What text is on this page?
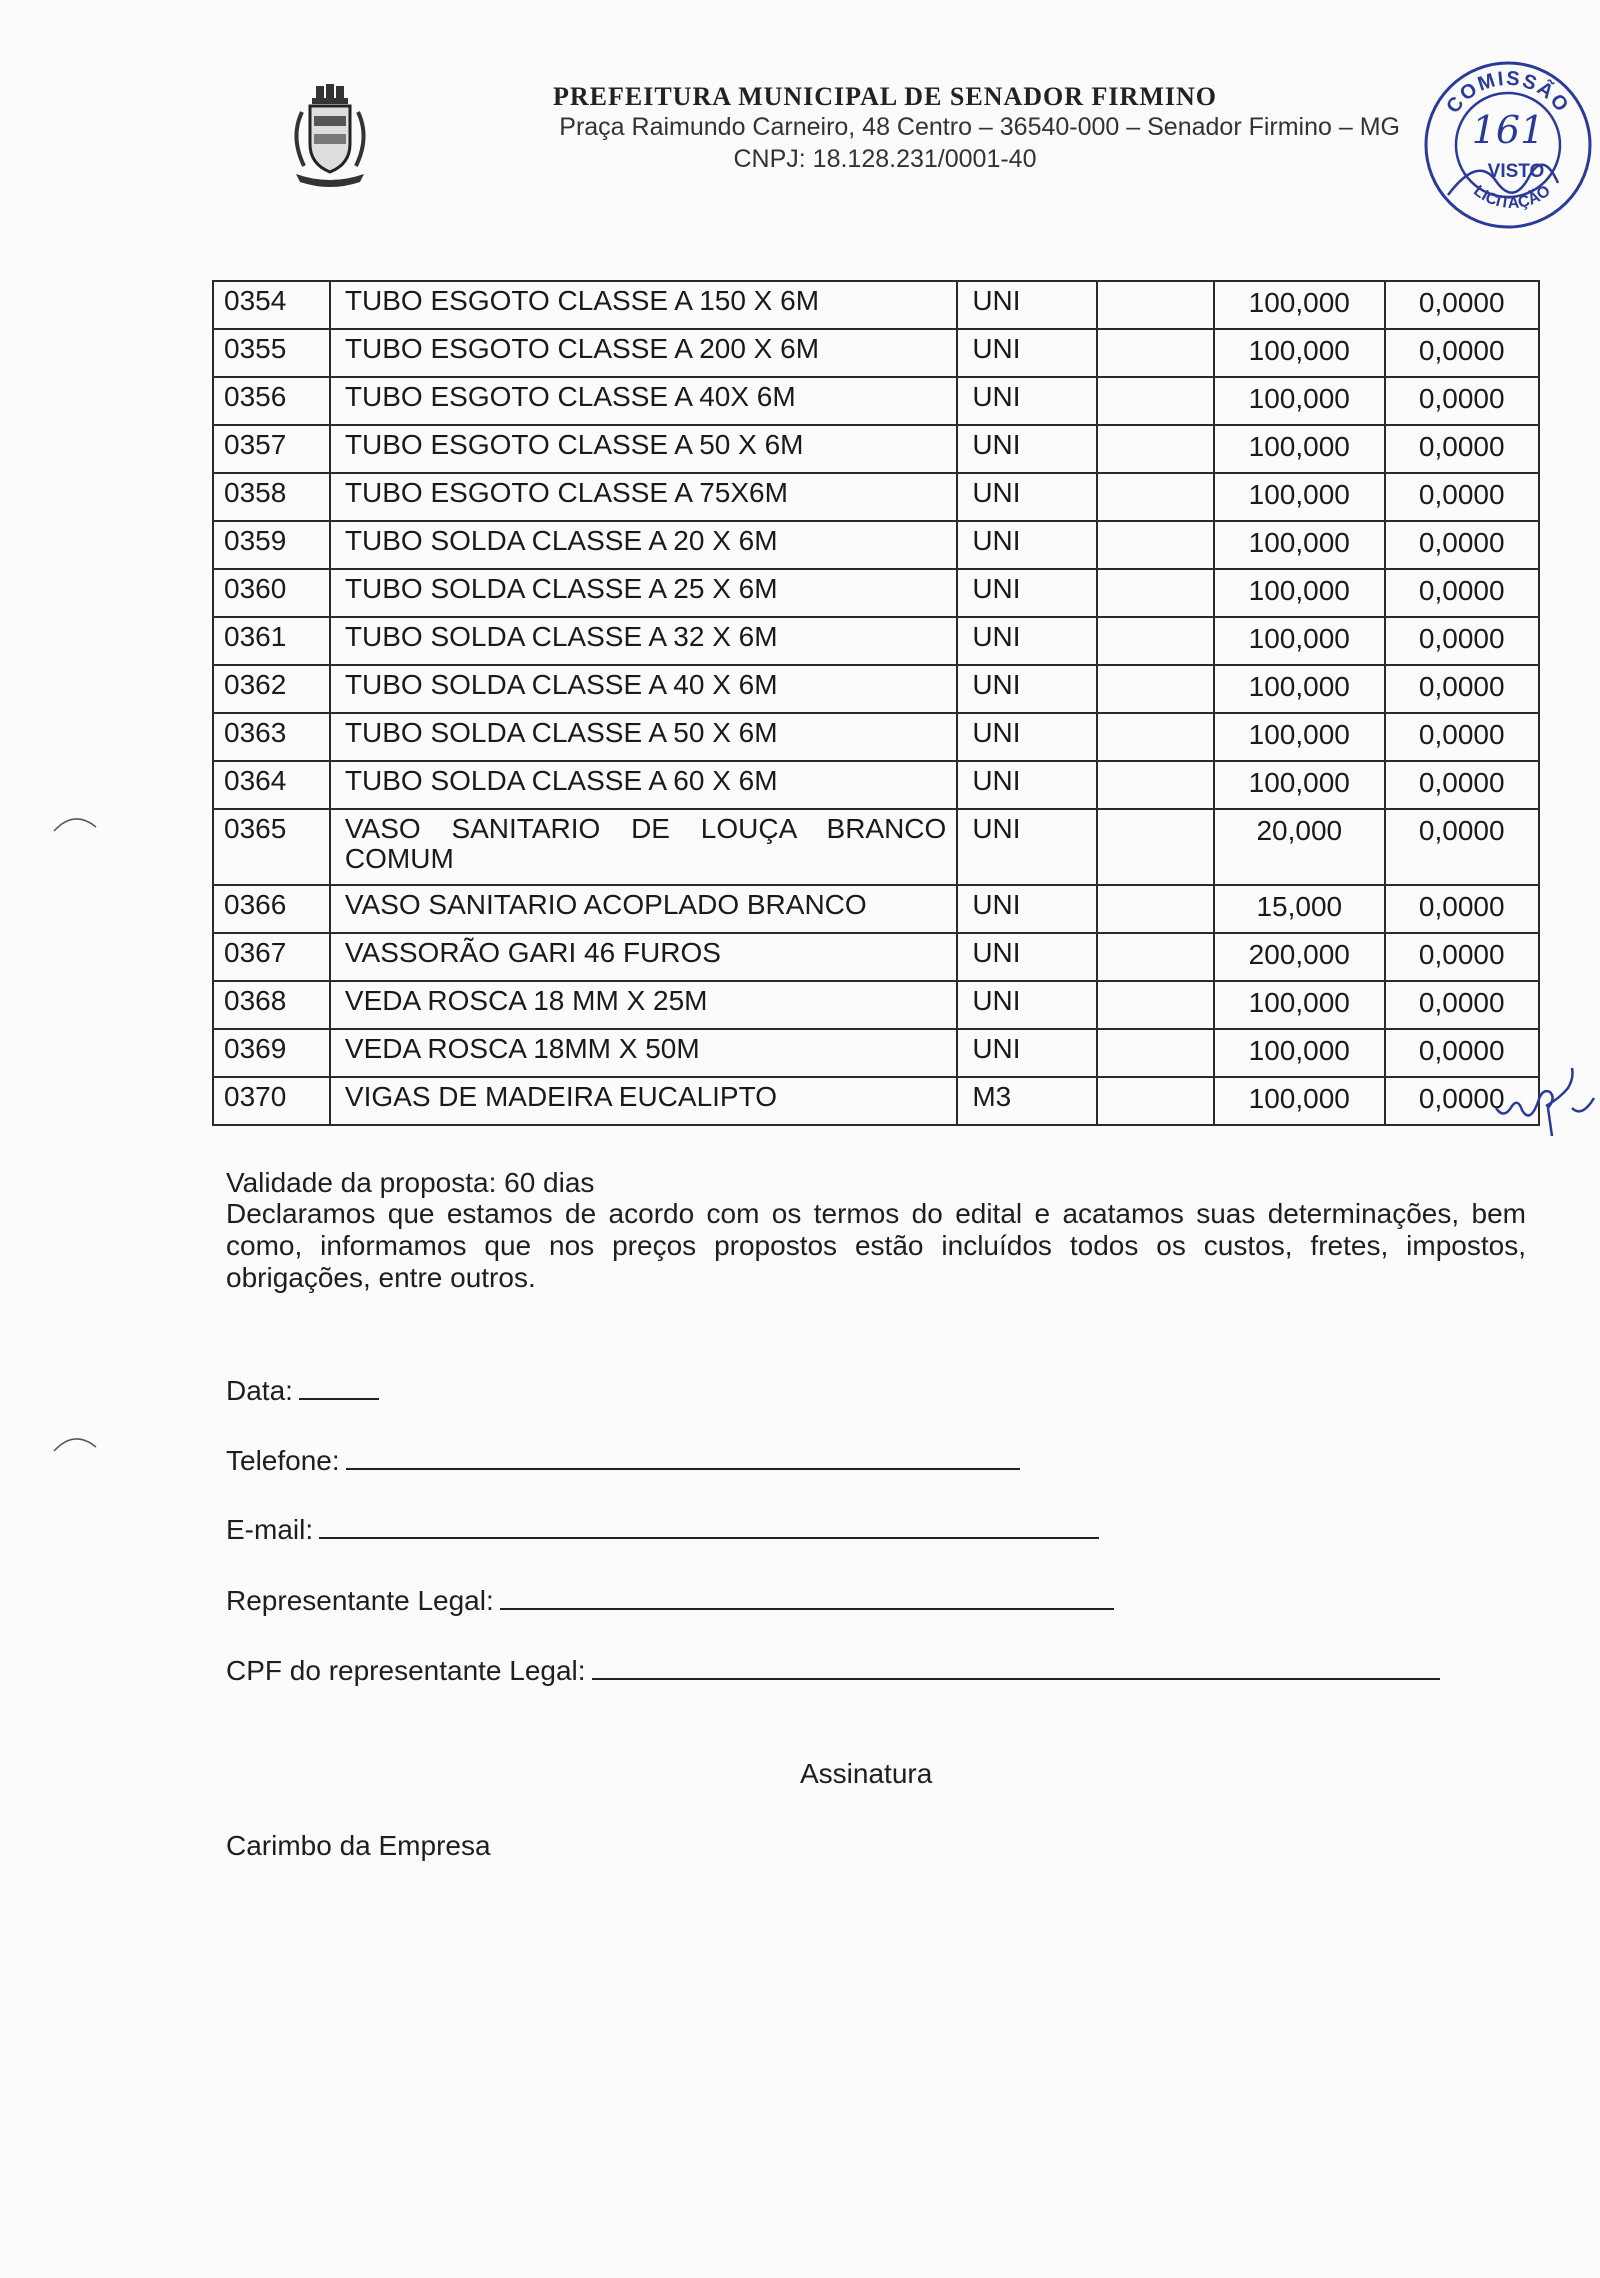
PREFEITURA MUNICIPAL DE SENADOR FIRMINO
Praça Raimundo Carneiro, 48 Centro – 36540-000 – Senador Firmino – MG
CNPJ: 18.128.231/0001-40
COMISSÃO
161
VISTO
LICITAÇÃO
0354	TUBO ESGOTO CLASSE A 150 X 6M	UNI		100,000	0,0000
0355	TUBO ESGOTO CLASSE A 200 X 6M	UNI		100,000	0,0000
0356	TUBO ESGOTO CLASSE A 40X 6M	UNI		100,000	0,0000
0357	TUBO ESGOTO CLASSE A 50 X 6M	UNI		100,000	0,0000
0358	TUBO ESGOTO CLASSE A 75X6M	UNI		100,000	0,0000
0359	TUBO SOLDA CLASSE A 20 X 6M	UNI		100,000	0,0000
0360	TUBO SOLDA CLASSE A 25 X 6M	UNI		100,000	0,0000
0361	TUBO SOLDA CLASSE A 32 X 6M	UNI		100,000	0,0000
0362	TUBO SOLDA CLASSE A 40 X 6M	UNI		100,000	0,0000
0363	TUBO SOLDA CLASSE A 50 X 6M	UNI		100,000	0,0000
0364	TUBO SOLDA CLASSE A 60 X 6M	UNI		100,000	0,0000
0365	VASO SANITARIO DE LOUÇA BRANCO
COMUM	UNI		20,000	0,0000
0366	VASO SANITARIO ACOPLADO BRANCO	UNI		15,000	0,0000
0367	VASSORÃO GARI 46 FUROS	UNI		200,000	0,0000
0368	VEDA ROSCA 18 MM X 25M	UNI		100,000	0,0000
0369	VEDA ROSCA 18MM X 50M	UNI		100,000	0,0000
0370	VIGAS DE MADEIRA EUCALIPTO	M3		100,000	0,0000
Validade da proposta: 60 dias
Declaramos que estamos de acordo com os termos do edital e acatamos suas determinações, bem como, informamos que nos preços propostos estão incluídos todos os custos, fretes, impostos, obrigações, entre outros.
Data:
Telefone:
E-mail:
Representante Legal:
CPF do representante Legal:
Assinatura
Carimbo da Empresa
